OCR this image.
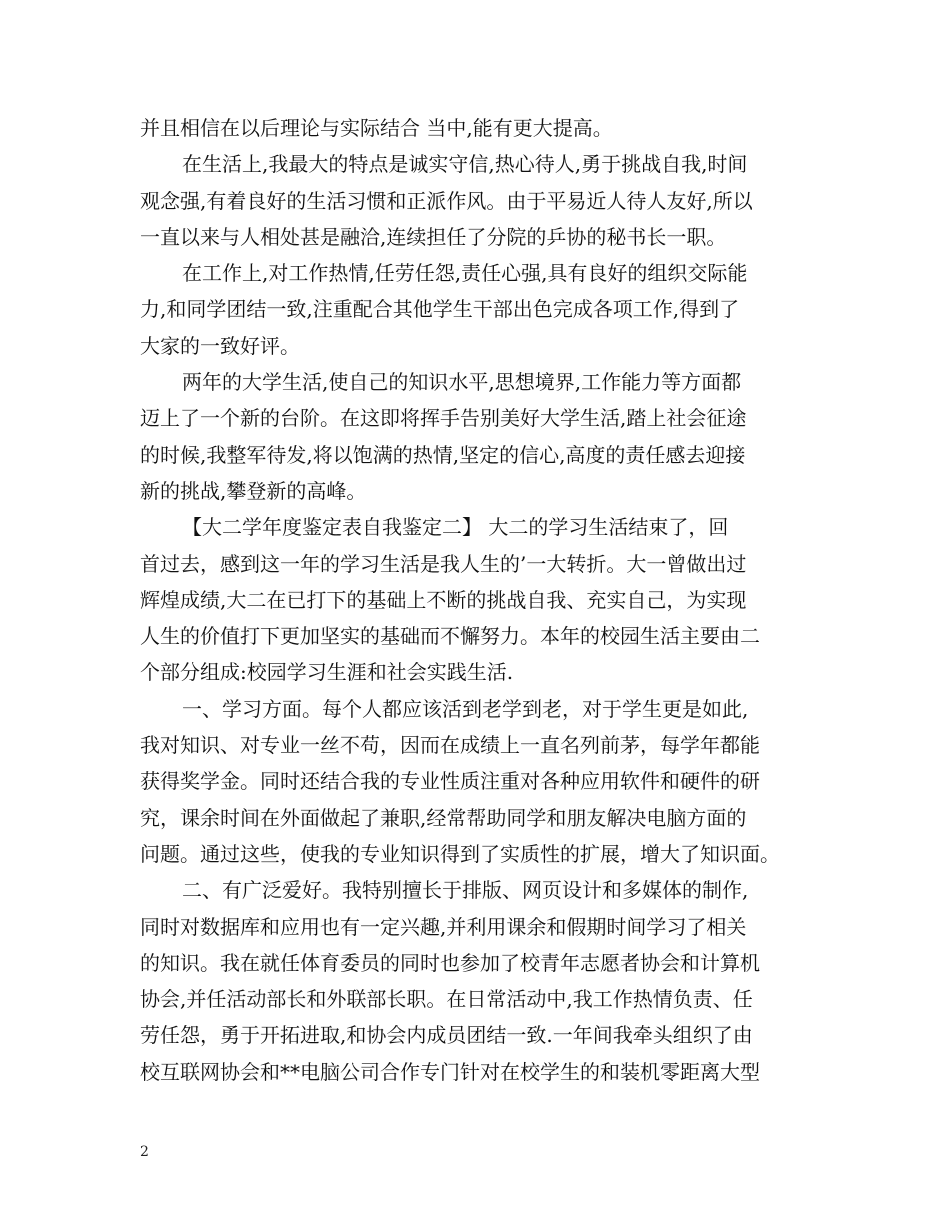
并且相信在以后理论与实际结合 当中,能有更大提高。
在生活上,我最大的特点是诚实守信,热心待人,勇于挑战自我,时间
观念强,有着良好的生活习惯和正派作风。由于平易近人待人友好,所以
一直以来与人相处甚是融洽,连续担任了分院的乒协的秘书长一职。
在工作上,对工作热情,任劳任怨,责任心强,具有良好的组织交际能
力,和同学团结一致,注重配合其他学生干部出色完成各项工作,得到了
大家的一致好评。
两年的大学生活,使自己的知识水平,思想境界,工作能力等方面都
迈上了一个新的台阶。在这即将挥手告别美好大学生活,踏上社会征途
的时候,我整军待发,将以饱满的热情,坚定的信心,高度的责任感去迎接
新的挑战,攀登新的高峰。
【大二学年度鉴定表自我鉴定二】 大二的学习生活结束了，回
首过去，感到这一年的学习生活是我人生的’一大转折。大一曾做出过
辉煌成绩,大二在已打下的基础上不断的挑战自我、充实自己，为实现
人生的价值打下更加坚实的基础而不懈努力。本年的校园生活主要由二
个部分组成:校园学习生涯和社会实践生活.
一、学习方面。每个人都应该活到老学到老，对于学生更是如此,
我对知识、对专业一丝不苟，因而在成绩上一直名列前茅，每学年都能
获得奖学金。同时还结合我的专业性质注重对各种应用软件和硬件的研
究，课余时间在外面做起了兼职,经常帮助同学和朋友解决电脑方面的
问题。通过这些，使我的专业知识得到了实质性的扩展，增大了知识面。
二、有广泛爱好。我特别擅长于排版、网页设计和多媒体的制作,
同时对数据库和应用也有一定兴趣,并利用课余和假期时间学习了相关
的知识。我在就任体育委员的同时也参加了校青年志愿者协会和计算机
协会,并任活动部长和外联部长职。在日常活动中,我工作热情负责、任
劳任怨，勇于开拓进取,和协会内成员团结一致.一年间我牵头组织了由
校互联网协会和**电脑公司合作专门针对在校学生的和装机零距离大型
2
